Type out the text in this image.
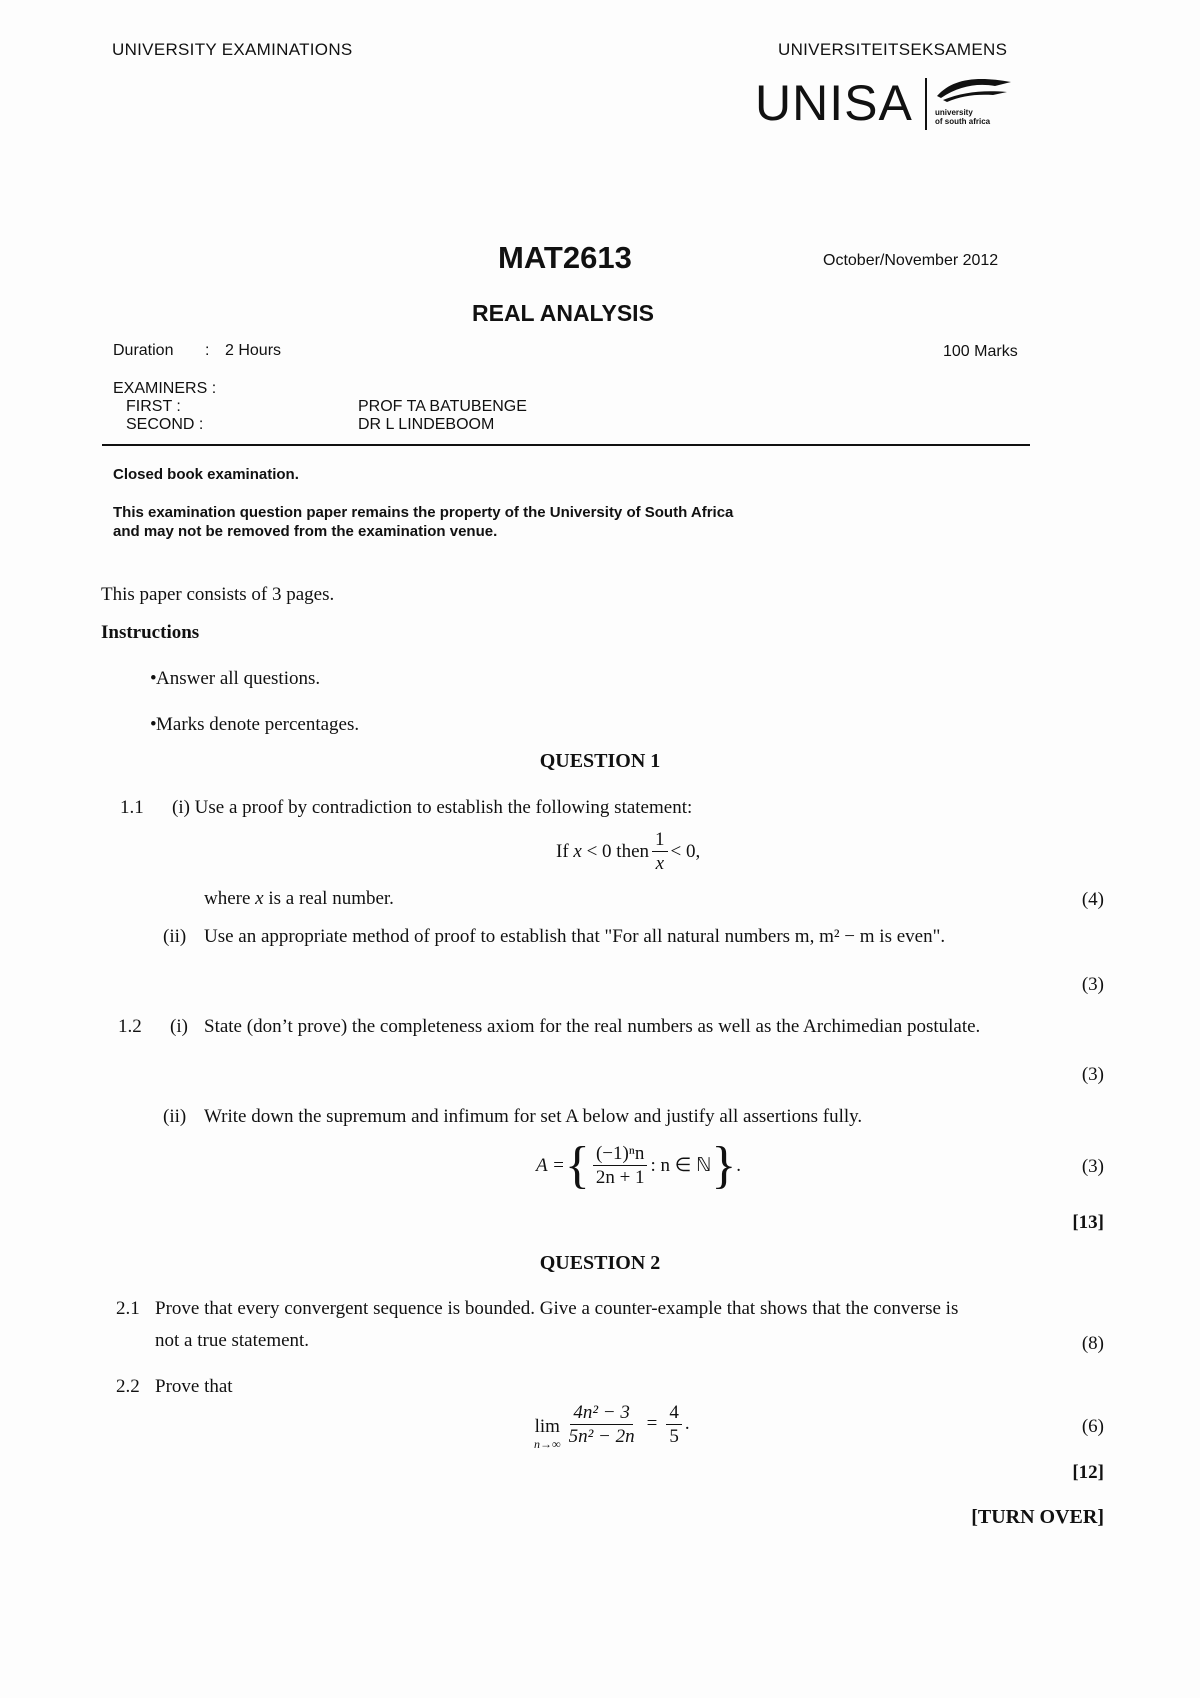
UNIVERSITY EXAMINATIONS	UNIVERSITEITSEKSAMENS
UNISA	university
of south africa
MAT2613	October/November 2012
REAL ANALYSIS
Duration : 2 Hours	100 Marks
EXAMINERS :
FIRST :	PROF TA BATUBENGE
SECOND :	DR L LINDEBOOM
Closed book examination.
This examination question paper remains the property of the University of South Africa
and may not be removed from the examination venue.
This paper consists of 3 pages.
Instructions
• Answer all questions.
• Marks denote percentages.
QUESTION 1
1.1 (i) Use a proof by contradiction to establish the following statement:
If
x
< 0 then $\frac{1}{x} < 0$,
where x is a real number.	(4)
(ii) Use an appropriate method of proof to establish that "For all natural numbers m, m² − m is even".
(3)
1.2 (i) State (don’t prove) the completeness axiom for the real numbers as well as the Archimedian postulate.
(3)
(ii) Write down the supremum and infimum for set A below and justify all assertions fully.
A = { $\frac{\text{(−1)ⁿn}}{2n + 1}$ : n ∈ ℕ } .	(3)
[13]
QUESTION 2
2.1 Prove that every convergent sequence is bounded. Give a counter-example that shows that the converse is
not a true statement.	(8)
2.2 Prove that
lim
$n\to\infty \frac{\text{4n² − 3}}{\text{5n² − 2n}} = \frac{4}{5}$ .	(6)
[12]
[TURN OVER]
